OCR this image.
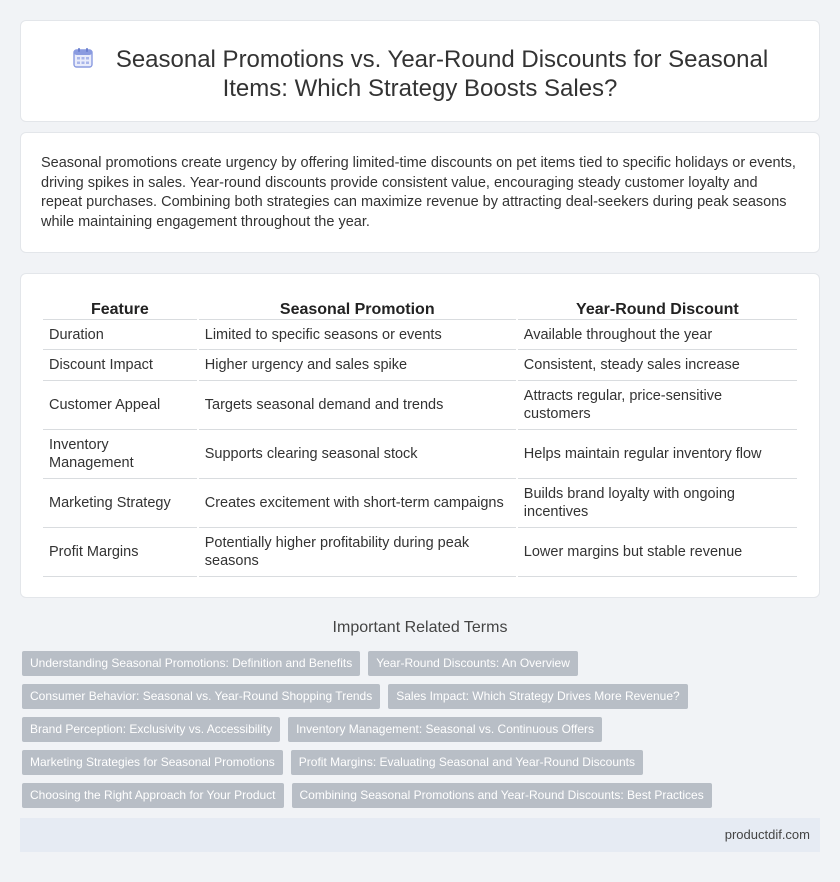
Seasonal Promotions vs. Year-Round Discounts for Seasonal Items: Which Strategy Boosts Sales?

Seasonal promotions create urgency by offering limited-time discounts on pet items tied to specific holidays or events, driving spikes in sales. Year-round discounts provide consistent value, encouraging steady customer loyalty and repeat purchases. Combining both strategies can maximize revenue by attracting deal-seekers during peak seasons while maintaining engagement throughout the year.

Feature	Seasonal Promotion	Year-Round Discount
Duration	Limited to specific seasons or events	Available throughout the year
Discount Impact	Higher urgency and sales spike	Consistent, steady sales increase
Customer Appeal	Targets seasonal demand and trends	Attracts regular, price-sensitive customers
Inventory Management	Supports clearing seasonal stock	Helps maintain regular inventory flow
Marketing Strategy	Creates excitement with short-term campaigns	Builds brand loyalty with ongoing incentives
Profit Margins	Potentially higher profitability during peak seasons	Lower margins but stable revenue
Important Related Terms
Understanding Seasonal Promotions: Definition and Benefits	Year-Round Discounts: An Overview
Consumer Behavior: Seasonal vs. Year-Round Shopping Trends	Sales Impact: Which Strategy Drives More Revenue?
Brand Perception: Exclusivity vs. Accessibility	Inventory Management: Seasonal vs. Continuous Offers
Marketing Strategies for Seasonal Promotions	Profit Margins: Evaluating Seasonal and Year-Round Discounts
Choosing the Right Approach for Your Product	Combining Seasonal Promotions and Year-Round Discounts: Best Practices
productdif.com
